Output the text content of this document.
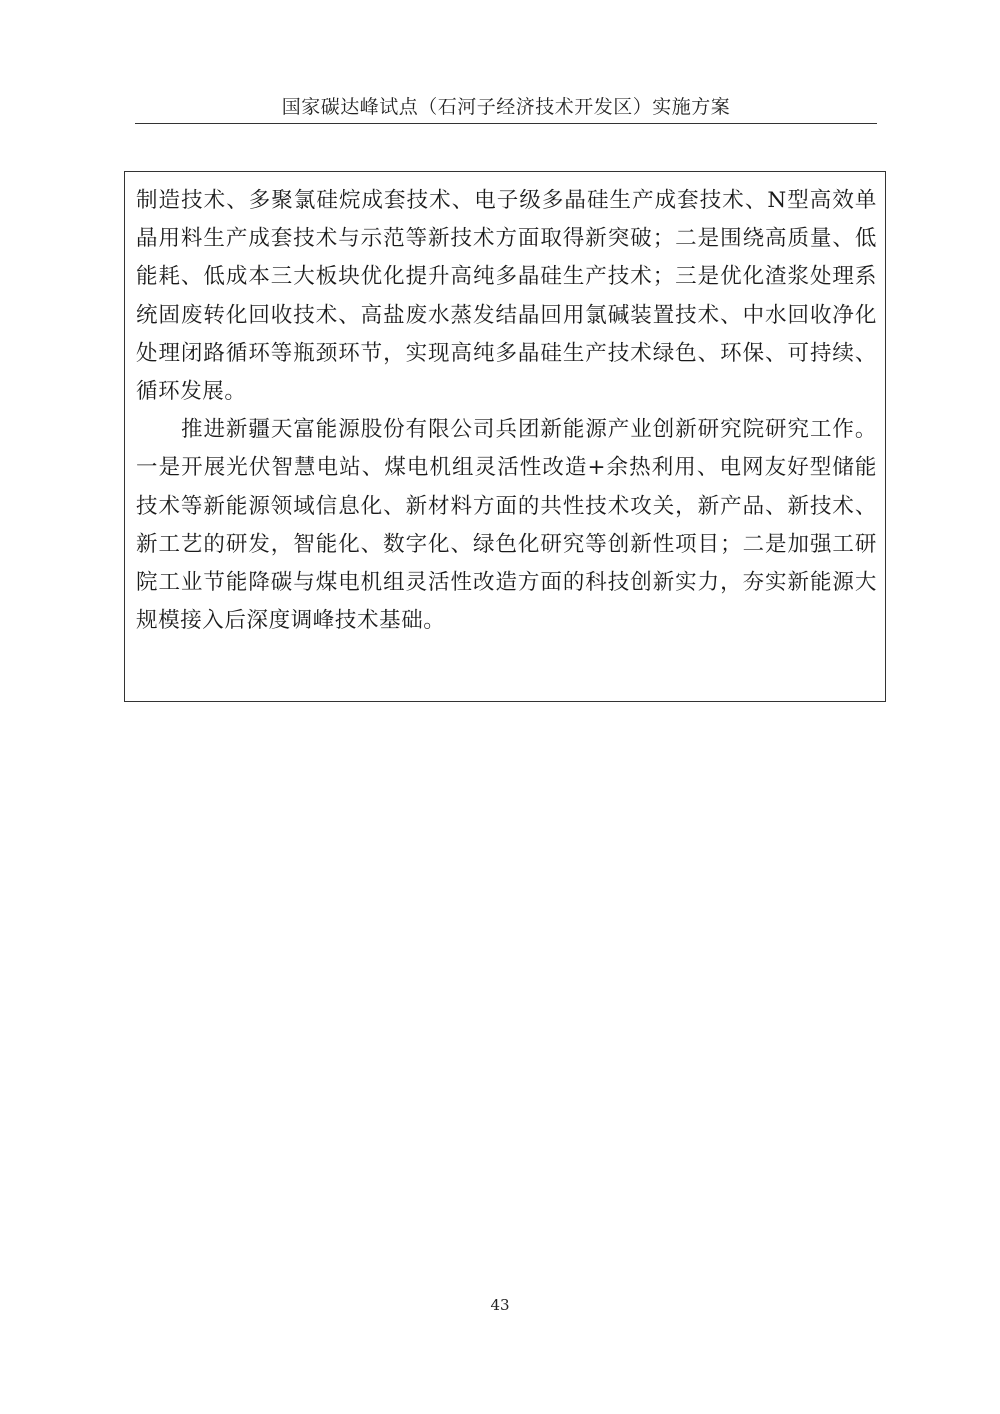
国家碳达峰试点（石河子经济技术开发区）实施方案

制造技术、多聚氯硅烷成套技术、电子级多晶硅生产成套技术、N型高效单晶用料生产成套技术与示范等新技术方面取得新突破；二是围绕高质量、低能耗、低成本三大板块优化提升高纯多晶硅生产技术；三是优化渣浆处理系统固废转化回收技术、高盐废水蒸发结晶回用氯碱装置技术、中水回收净化处理闭路循环等瓶颈环节，实现高纯多晶硅生产技术绿色、环保、可持续、循环发展。

推进新疆天富能源股份有限公司兵团新能源产业创新研究院研究工作。一是开展光伏智慧电站、煤电机组灵活性改造+余热利用、电网友好型储能技术等新能源领域信息化、新材料方面的共性技术攻关，新产品、新技术、新工艺的研发，智能化、数字化、绿色化研究等创新性项目；二是加强工研院工业节能降碳与煤电机组灵活性改造方面的科技创新实力，夯实新能源大规模接入后深度调峰技术基础。

43
